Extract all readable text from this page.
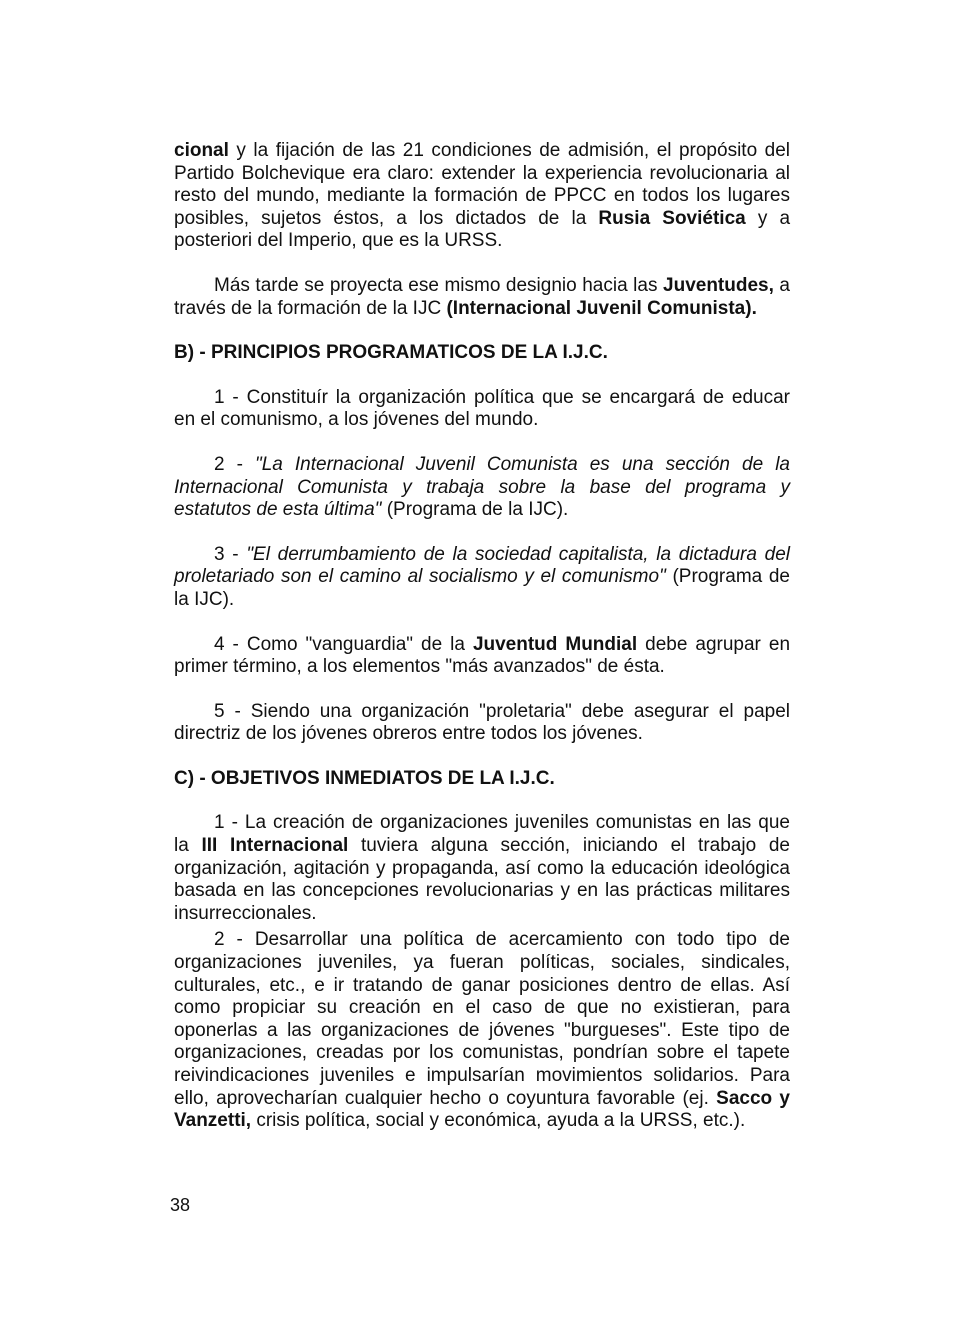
cional y la fijación de las 21 condiciones de admisión, el propósito del Partido Bolchevique era claro: extender la experiencia revolucionaria al resto del mundo, mediante la formación de PPCC en todos los lugares posibles, sujetos éstos, a los dictados de la Rusia Soviética y a posteriori del Imperio, que es la URSS.

Más tarde se proyecta ese mismo designio hacia las Juventudes, a través de la formación de la IJC (Internacional Juvenil Comunista).

B) - PRINCIPIOS PROGRAMATICOS DE LA I.J.C.

1 - Constituír la organización política que se encargará de educar en el comunismo, a los jóvenes del mundo.

2 - "La Internacional Juvenil Comunista es una sección de la Internacional Comunista y trabaja sobre la base del programa y estatutos de esta última" (Programa de la IJC).

3 - "El derrumbamiento de la sociedad capitalista, la dictadura del proletariado son el camino al socialismo y el comunismo" (Programa de la IJC).

4 - Como "vanguardia" de la Juventud Mundial debe agrupar en primer término, a los elementos "más avanzados" de ésta.

5 - Siendo una organización "proletaria" debe asegurar el papel directriz de los jóvenes obreros entre todos los jóvenes.

C) - OBJETIVOS INMEDIATOS DE LA I.J.C.

1 - La creación de organizaciones juveniles comunistas en las que la III Internacional tuviera alguna sección, iniciando el trabajo de organización, agitación y propaganda, así como la educación ideológica basada en las concepciones revolucionarias y en las prácticas militares insurreccionales.

2 - Desarrollar una política de acercamiento con todo tipo de organizaciones juveniles, ya fueran políticas, sociales, sindicales, culturales, etc., e ir tratando de ganar posiciones dentro de ellas. Así como propiciar su creación en el caso de que no existieran, para oponerlas a las organizaciones de jóvenes "burgueses". Este tipo de organizaciones, creadas por los comunistas, pondrían sobre el tapete reivindicaciones juveniles e impulsarían movimientos solidarios. Para ello, aprovecharían cualquier hecho o coyuntura favorable (ej. Sacco y Vanzetti, crisis política, social y económica, ayuda a la URSS, etc.).

38
